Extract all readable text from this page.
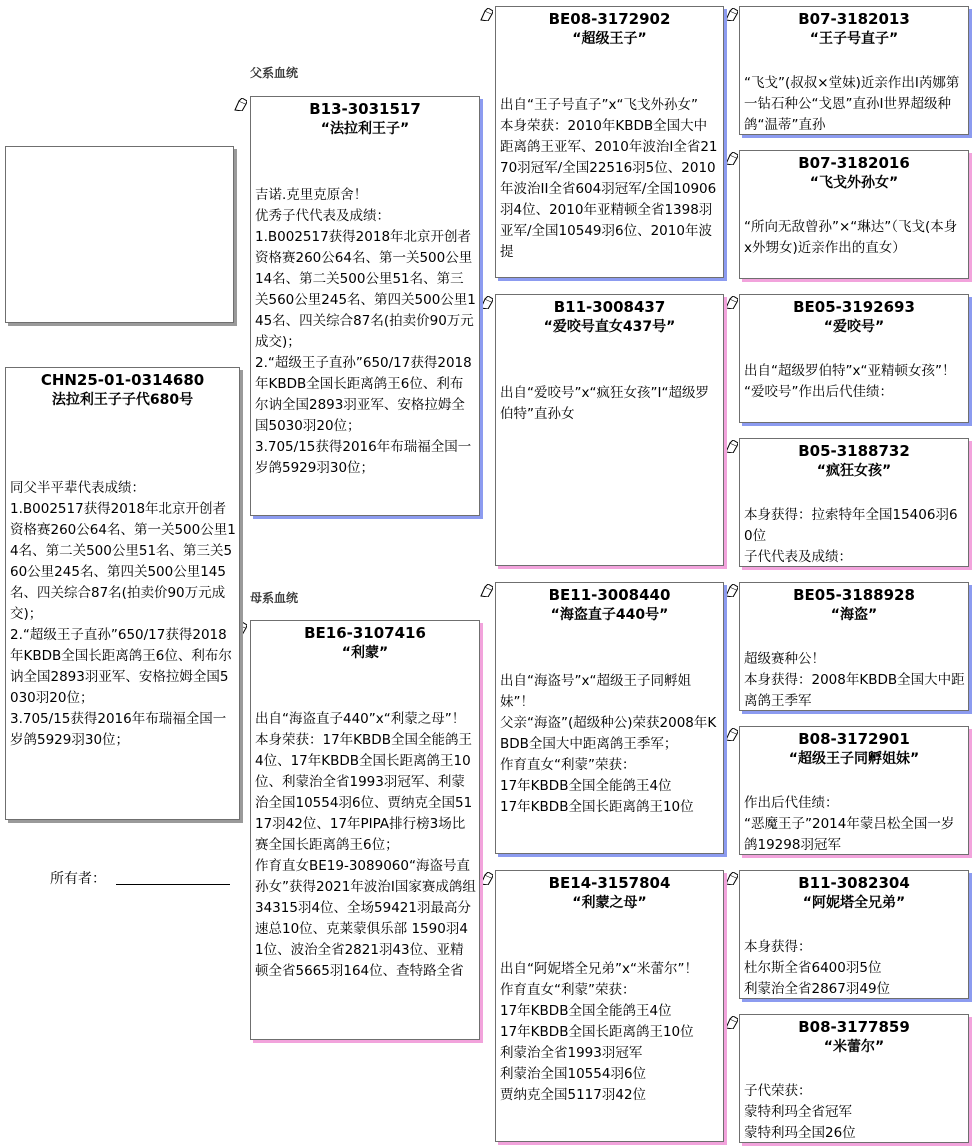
父系血统
母系血统
CHN25-01-0314680
法拉利王子子代680号
同父半平辈代表成绩：
1.B002517获得2018年北京开创者资格赛260公64名、第一关500公里14名、第二关500公里51名、第三关560公里245名、第四关500公里145名、四关综合87名(拍卖价90万元成交)；
2.“超级王子直孙”650/17获得2018年KBDB全国长距离鸽王6位、利布尔讷全国2893羽亚军、安格拉姆全国5030羽20位；
3.705/15获得2016年布瑞福全国一岁鸽5929羽30位；
B13-3031517
“法拉利王子”
吉诺.克里克原舍！
优秀子代代表及成绩：
1.B002517获得2018年北京开创者资格赛260公64名、第一关500公里14名、第二关500公里51名、第三关560公里245名、第四关500公里145名、四关综合87名(拍卖价90万元成交)；
2.“超级王子直孙”650/17获得2018年KBDB全国长距离鸽王6位、利布尔讷全国2893羽亚军、安格拉姆全国5030羽20位；
3.705/15获得2016年布瑞福全国一岁鸽5929羽30位；
BE16-3107416
“利蒙”
出自“海盗直子440”x“利蒙之母”！
本身荣获：17年KBDB全国全能鸽王4位、17年KBDB全国长距离鸽王10位、利蒙治全省1993羽冠军、利蒙治全国10554羽6位、贾纳克全国5117羽42位、17年PIPA排行榜3场比赛全国长距离鸽王6位；
作育直女BE19-3089060“海盗号直孙女”获得2021年波治I国家赛成鸽组34315羽4位、全场59421羽最高分速总10位、克莱蒙俱乐部 1590羽41位、波治全省2821羽43位、亚精顿全省5665羽164位、查特路全省
BE08-3172902
“超级王子”
出自“王子号直子”x“飞戈外孙女”
本身荣获：2010年KBDB全国大中距离鸽王亚军、2010年波治I全省2170羽冠军/全国22516羽5位、2010年波治II全省604羽冠军/全国10906羽4位、2010年亚精顿全省1398羽亚军/全国10549羽6位、2010年波提
B11-3008437
“爱咬号直女437号”
出自“爱咬号”x“疯狂女孩”I“超级罗伯特”直孙女
BE11-3008440
“海盗直子440号”
出自“海盗号”x“超级王子同孵姐妹”！
父亲“海盗”(超级种公)荣获2008年KBDB全国大中距离鸽王季军；
作育直女“利蒙”荣获：
17年KBDB全国全能鸽王4位
17年KBDB全国长距离鸽王10位
BE14-3157804
“利蒙之母”
出自“阿妮塔全兄弟”x“米蕾尔”！
作育直女“利蒙”荣获：
17年KBDB全国全能鸽王4位
17年KBDB全国长距离鸽王10位
利蒙治全省1993羽冠军
利蒙治全国10554羽6位
贾纳克全国5117羽42位
B07-3182013
“王子号直子”
“飞戈”(叔叔×堂妹)近亲作出I芮娜第一钻石种公“戈恩”直孙I世界超级种鸽“温蒂”直孙
B07-3182016
“飞戈外孙女”
“所向无敌曾孙”×“琳达”（飞戈(本身x外甥女)近亲作出的直女）
BE05-3192693
“爱咬号”
出自“超级罗伯特”x“亚精顿女孩”！
“爱咬号”作出后代佳绩：
B05-3188732
“疯狂女孩”
本身获得：拉索特年全国15406羽60位
子代代表及成绩：
BE05-3188928
“海盗”
超级赛种公！
本身获得：2008年KBDB全国大中距离鸽王季军
B08-3172901
“超级王子同孵姐妹”
作出后代佳绩：
“恶魔王子”2014年蒙吕松全国一岁鸽19298羽冠军
B11-3082304
“阿妮塔全兄弟”
本身获得：
杜尔斯全省6400羽5位
利蒙治全省2867羽49位
B08-3177859
“米蕾尔”
子代荣获：
蒙特利玛全省冠军
蒙特利玛全国26位
所有者：
